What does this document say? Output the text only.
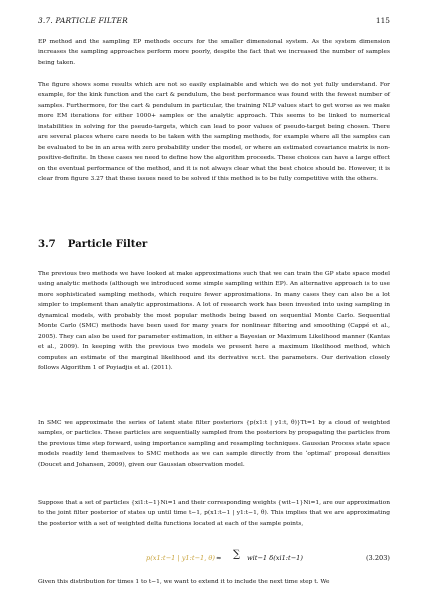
3.7. PARTICLE FILTER	115

EP method and the sampling EP methods occurs for the smaller dimensional system. As the system dimension increases the sampling approaches perform more poorly, despite the fact that we increased the number of samples being taken.

The figure shows some results which are not so easily explainable and which we do not yet fully understand. For example, for the kink function and the cart & pendulum, the best performance was found with the fewest number of samples. Furthermore, for the cart & pendulum in particular, the training NLP values start to get worse as we make more EM iterations for either 1000+ samples or the analytic approach. This seems to be linked to numerical instabilities in solving for the pseudo-targets, which can lead to poor values of pseudo-target being chosen. There are several places where care needs to be taken with the sampling methods, for example where all the samples can be evaluated to be in an area with zero probability under the model, or where an estimated covariance matrix is non-positive-definite. In these cases we need to define how the algorithm proceeds. These choices can have a large effect on the eventual performance of the method, and it is not always clear what the best choice should be. However, it is clear from figure 3.27 that these issues need to be solved if this method is to be fully competitive with the others.

3.7 Particle Filter

The previous two methods we have looked at make approximations such that we can train the GP state space model using analytic methods (although we introduced some simple sampling within EP). An alternative approach is to use more sophisticated sampling methods, which require fewer approximations. In many cases they can also be a lot simpler to implement than analytic approximations. A lot of research work has been invested into using sampling in dynamical models, with probably the most popular methods being based on sequential Monte Carlo. Sequential Monte Carlo (SMC) methods have been used for many years for nonlinear filtering and smoothing (Cappé et al., 2005). They can also be used for parameter estimation, in either a Bayesian or Maximum Likelihood manner (Kantas et al., 2009). In keeping with the previous two models we present here a maximum likelihood method, which computes an estimate of the marginal likelihood and its derivative w.r.t. the parameters. Our derivation closely follows Algorithm 1 of Poyiadjis et al. (2011).

In SMC we approximate the series of latent state filter posteriors {p(x1:t | y1:t, θ)}Tt=1 by a cloud of weighted samples, or particles. These particles are sequentially sampled from the posteriors by propagating the particles from the previous time step forward, using importance sampling and resampling techniques. Gaussian Process state space models readily lend themselves to SMC methods as we can sample directly from the ‘optimal’ proposal densities (Doucet and Johansen, 2009), given our Gaussian observation model.

Suppose that a set of particles {xi1:t−1}Ni=1 and their corresponding weights {wit−1}Ni=1, are our approximation to the joint filter posterior of states up until time t−1, p(x1:t−1 | y1:t−1, θ). This implies that we are approximating the posterior with a set of weighted delta functions located at each of the sample points,

p(x1:t−1 | y1:t−1, θ) ≈ ∑ wit−1 δ(xi1:t−1)	(3.203)

Given this distribution for times 1 to t−1, we want to extend it to include the next time step t. We
